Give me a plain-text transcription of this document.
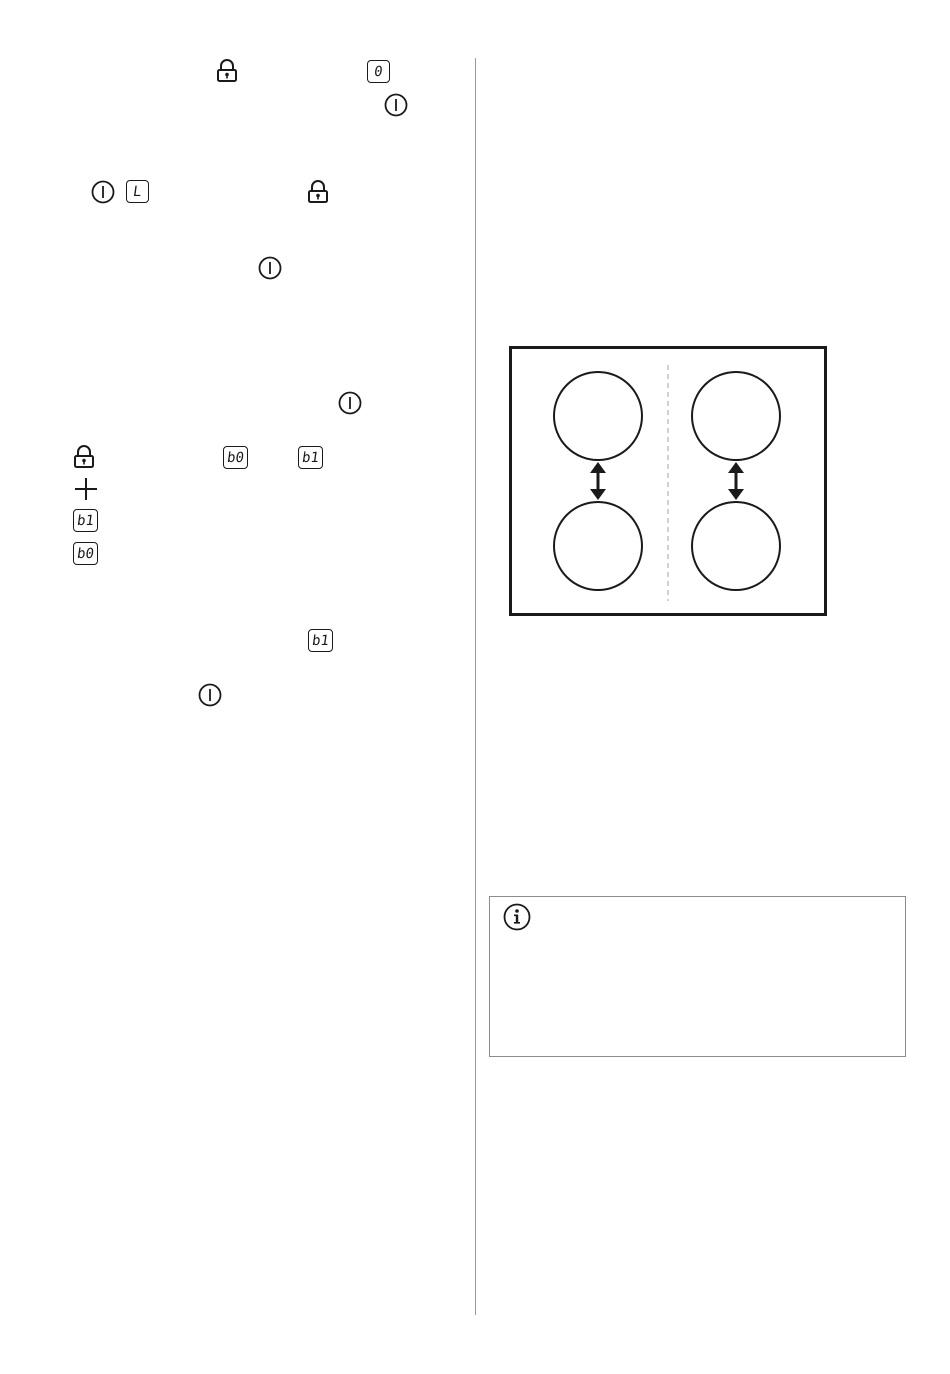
0
L
b0	b1
b1
b0
b1
